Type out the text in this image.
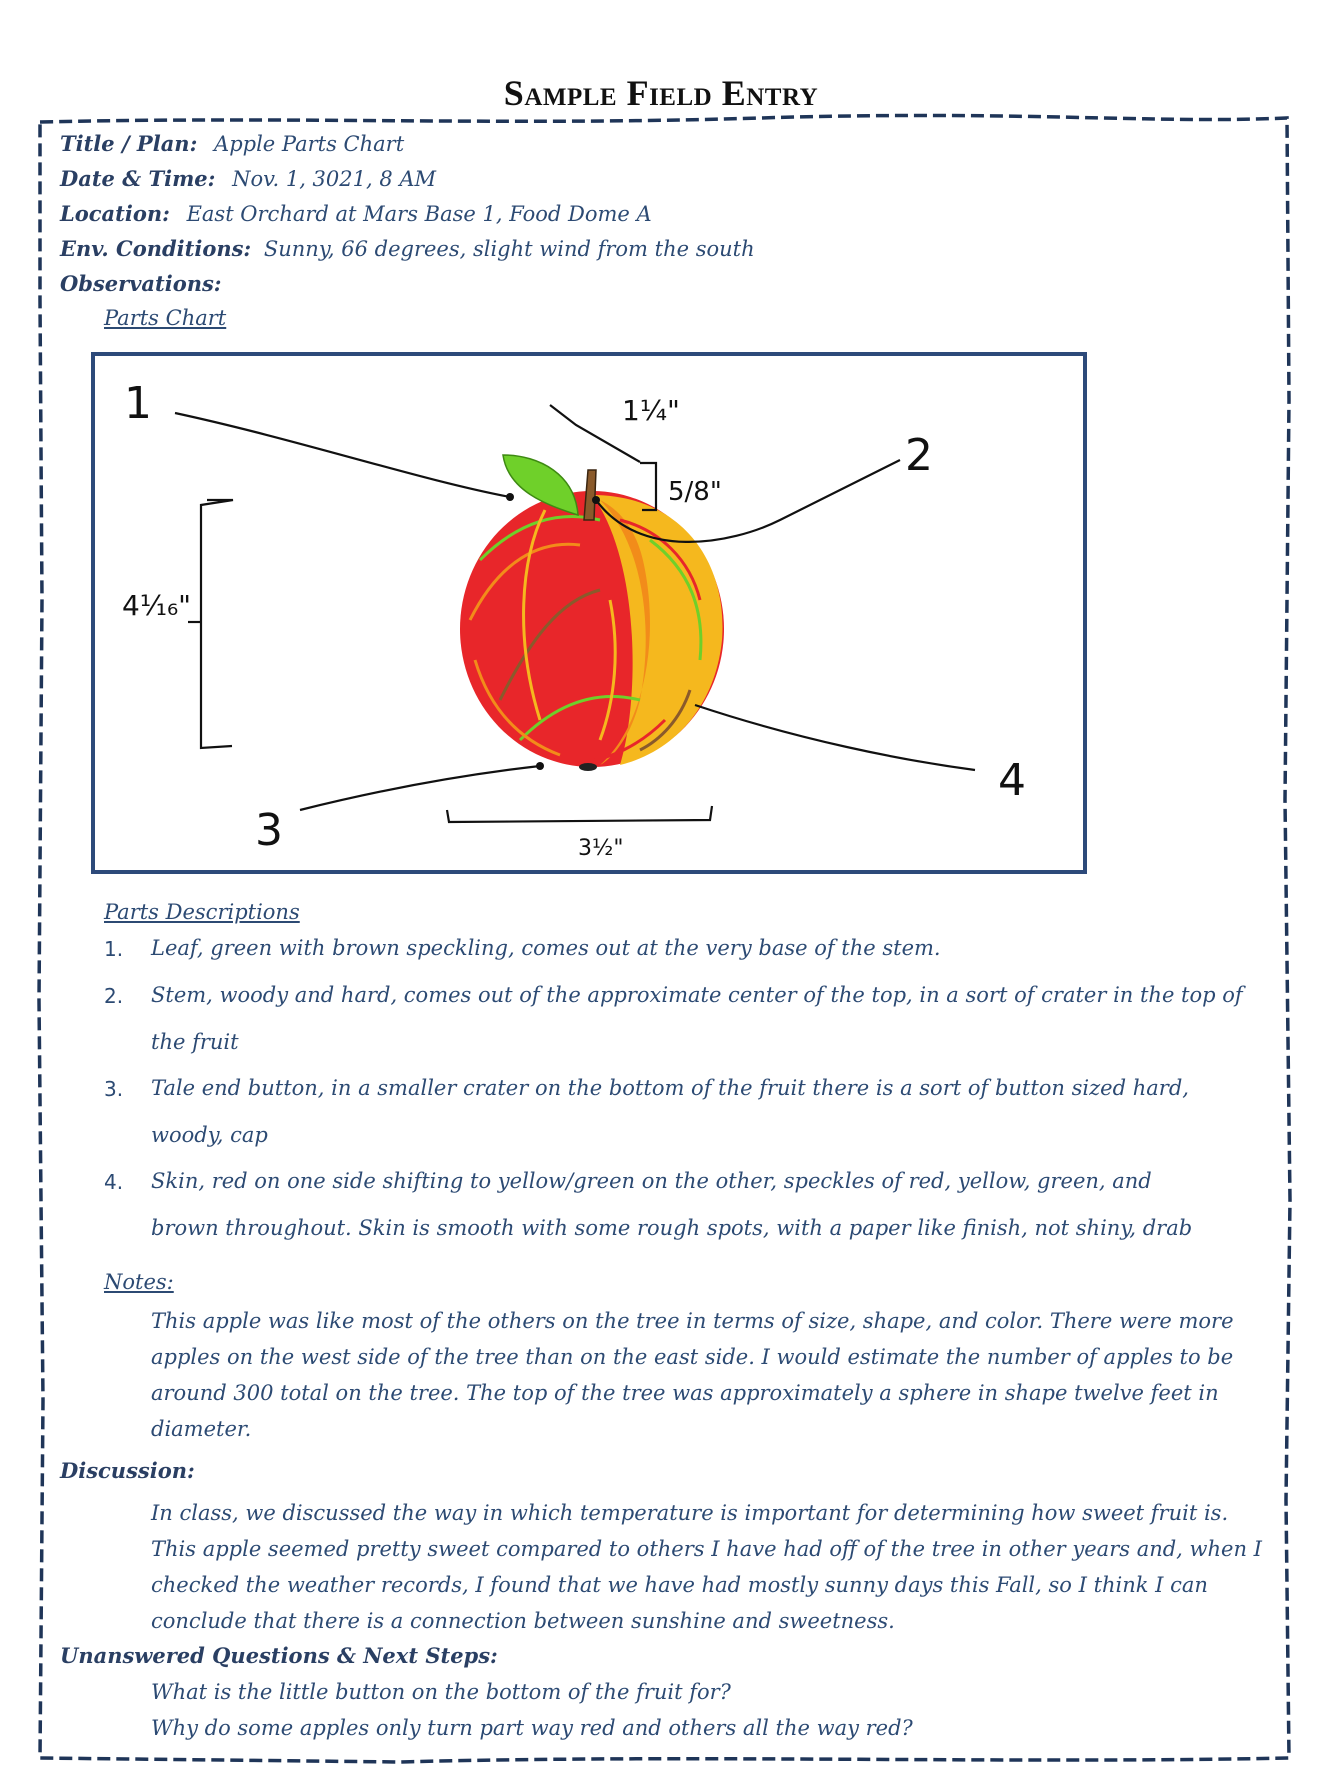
Sample Field Entry
Title / Plan: Apple Parts Chart
Date & Time: Nov. 1, 3021, 8 AM
Location: East Orchard at Mars Base 1, Food Dome A
Env. Conditions: Sunny, 66 degrees, slight wind from the south
Observations:
Parts Chart
1
2
3
4
1¼"
5/8"
4¹⁄₁₆"
3½"
Parts Descriptions
1. Leaf, green with brown speckling, comes out at the very base of the stem.
2. Stem, woody and hard, comes out of the approximate center of the top, in a sort of crater in the top of the fruit
3. Tale end button, in a smaller crater on the bottom of the fruit there is a sort of button sized hard, woody, cap
4. Skin, red on one side shifting to yellow/green on the other, speckles of red, yellow, green, and brown throughout. Skin is smooth with some rough spots, with a paper like finish, not shiny, drab
Notes:
This apple was like most of the others on the tree in terms of size, shape, and color. There were more apples on the west side of the tree than on the east side. I would estimate the number of apples to be around 300 total on the tree. The top of the tree was approximately a sphere in shape twelve feet in diameter.
Discussion:
In class, we discussed the way in which temperature is important for determining how sweet fruit is. This apple seemed pretty sweet compared to others I have had off of the tree in other years and, when I checked the weather records, I found that we have had mostly sunny days this Fall, so I think I can conclude that there is a connection between sunshine and sweetness.
Unanswered Questions & Next Steps:
What is the little button on the bottom of the fruit for?
Why do some apples only turn part way red and others all the way red?
